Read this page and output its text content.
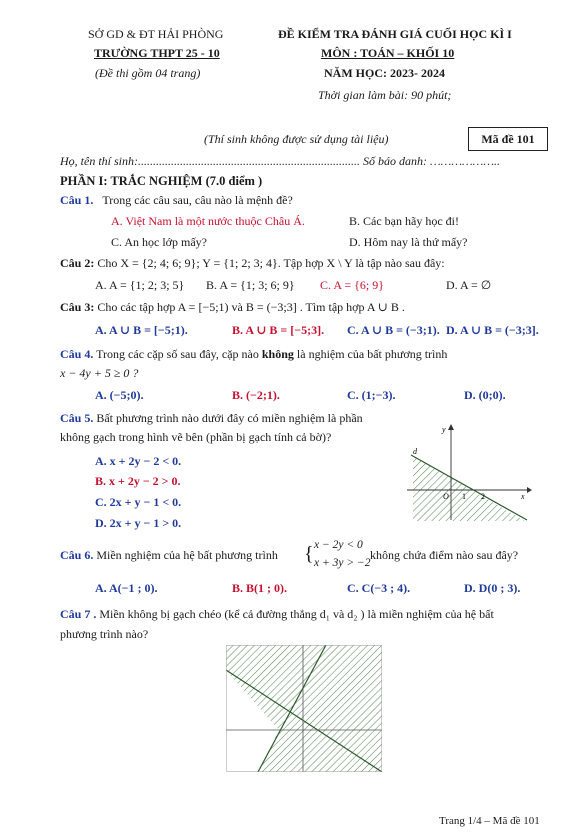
SỞ GD & ĐT HẢI PHÒNG
TRƯỜNG THPT 25 - 10
(Đề thi gồm 04 trang)
ĐỀ KIỂM TRA ĐÁNH GIÁ CUỐI HỌC KÌ I
MÔN : TOÁN – KHỐI 10
NĂM HỌC: 2023- 2024
Thời gian làm bài: 90 phút;
(Thí sinh không được sử dụng tài liệu)	Mã đề 101
Họ, tên thí sinh:.......................................................................... Số báo danh: ………………..
PHẦN I: TRẮC NGHIỆM (7.0 điểm )
Câu 1. Trong các câu sau, câu nào là mệnh đề?
A. Việt Nam là một nước thuộc Châu Á.	B. Các bạn hãy học đi!
C. An học lớp mấy?	D. Hôm nay là thứ mấy?
Câu 2: Cho X = {2; 4; 6; 9}; Y = {1; 2; 3; 4}. Tập hợp X \ Y là tập nào sau đây:
A. A = {1; 2; 3; 5} B. A = {1; 3; 6; 9} C. A = {6; 9}	D. A = ∅
Câu 3: Cho các tập hợp A = [−5;1) và B = (−3;3] . Tìm tập hợp A ∪ B .
A. A ∪ B = [−5;1).	B. A ∪ B = [−5;3]. C. A ∪ B = (−3;1). D. A ∪ B = (−3;3].
Câu 4. Trong các cặp số sau đây, cặp nào không là nghiệm của bất phương trình
x − 4y + 5 ≥ 0 ?
A. (−5;0).	B. (−2;1).	C. (1;−3).	D. (0;0).
Câu 5. Bất phương trình nào dưới đây có miền nghiệm là phần
không gạch trong hình vẽ bên (phần bị gạch tính cả bờ)?
A. x + 2y − 2 < 0.
B. x + 2y − 2 > 0.
C. 2x + y − 1 < 0.
D. 2x + y − 1 > 0.
y
x
d
O 1 2
Câu 6. Miền nghiệm của hệ bất phương trình { x − 2y < 0
x + 3y > −2
không chứa điểm nào sau đây?
A. A(−1 ; 0).	B. B(1 ; 0).	C. C(−3 ; 4).	D. D(0 ; 3).
Câu 7 . Miền không bị gạch chéo (kể cả đường thẳng d₁ và d₂ ) là miền nghiệm của hệ bất
phương trình nào?
Trang 1/4 – Mã đề 101
